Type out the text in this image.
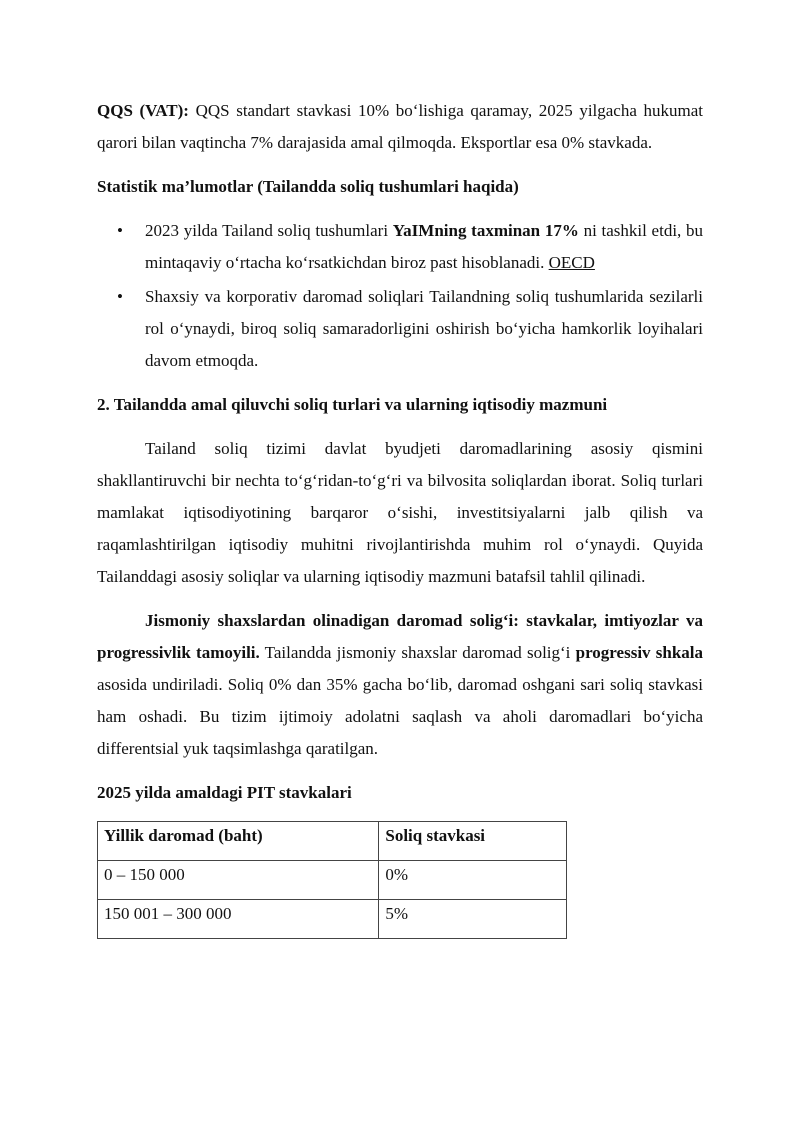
QQS (VAT): QQS standart stavkasi 10% bo‘lishiga qaramay, 2025 yilgacha hukumat qarori bilan vaqtincha 7% darajasida amal qilmoqda. Eksportlar esa 0% stavkada.

Statistik ma’lumotlar (Tailandda soliq tushumlari haqida)
• 2023 yilda Tailand soliq tushumlari YaIMning taxminan 17% ni tashkil etdi, bu mintaqaviy o‘rtacha ko‘rsatkichdan biroz past hisoblanadi. OECD
• Shaxsiy va korporativ daromad soliqlari Tailandning soliq tushumlarida sezilarli rol o‘ynaydi, biroq soliq samaradorligini oshirish bo‘yicha hamkorlik loyihalari davom etmoqda.
2. Tailandda amal qiluvchi soliq turlari va ularning iqtisodiy mazmuni

Tailand soliq tizimi davlat byudjeti daromadlarining asosiy qismini shakllantiruvchi bir nechta to‘g‘ridan-to‘g‘ri va bilvosita soliqlardan iborat. Soliq turlari mamlakat iqtisodiyotining barqaror o‘sishi, investitsiyalarni jalb qilish va raqamlashtirilgan iqtisodiy muhitni rivojlantirishda muhim rol o‘ynaydi. Quyida Tailanddagi asosiy soliqlar va ularning iqtisodiy mazmuni batafsil tahlil qilinadi.

Jismoniy shaxslardan olinadigan daromad solig‘i: stavkalar, imtiyozlar va progressivlik tamoyili. Tailandda jismoniy shaxslar daromad solig‘i progressiv shkala asosida undiriladi. Soliq 0% dan 35% gacha bo‘lib, daromad oshgani sari soliq stavkasi ham oshadi. Bu tizim ijtimoiy adolatni saqlash va aholi daromadlari bo‘yicha differentsial yuk taqsimlashga qaratilgan.

2025 yilda amaldagi PIT stavkalari
Yillik daromad (baht)	Soliq stavkasi
0 – 150 000	0%
150 001 – 300 000	5%
